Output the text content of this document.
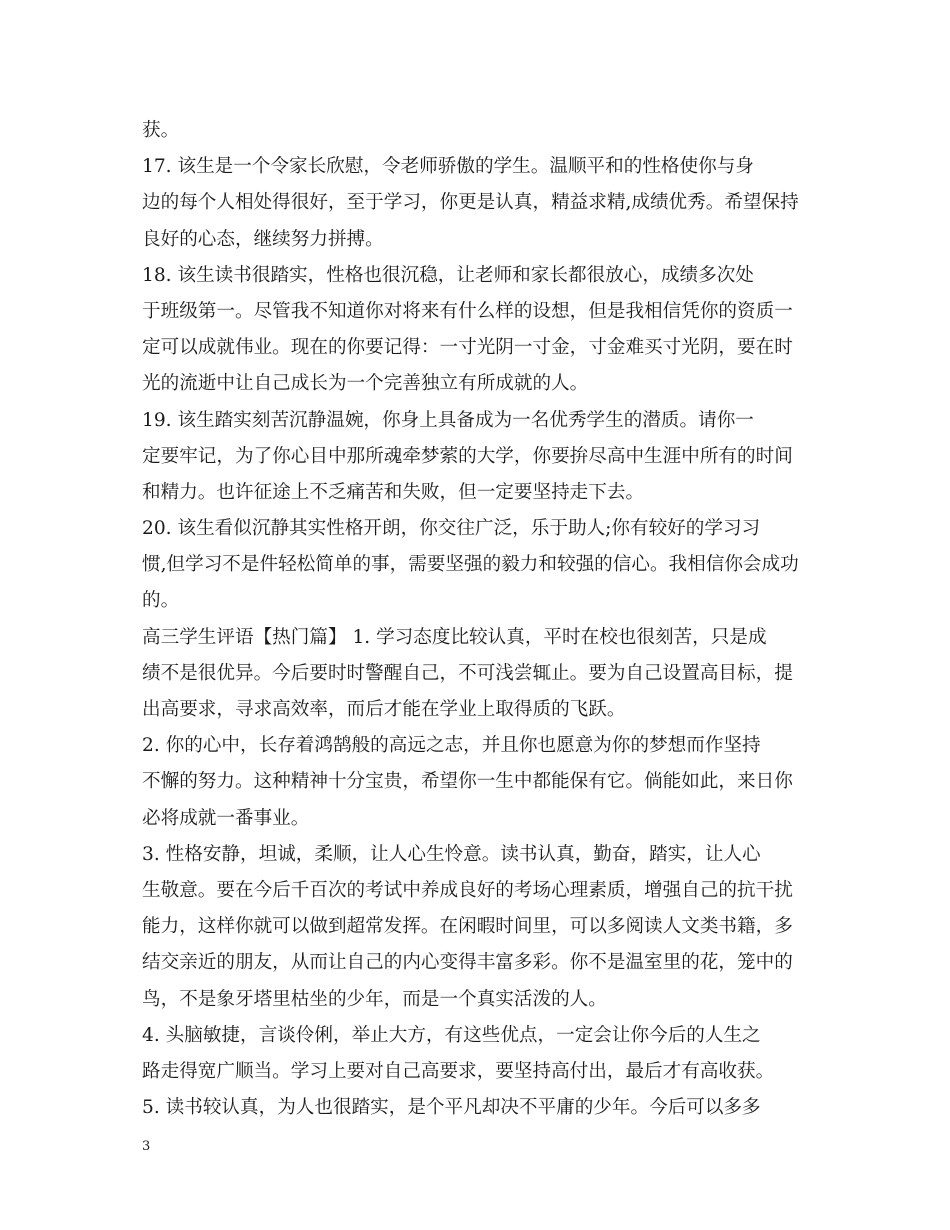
获。
17. 该生是一个令家长欣慰，令老师骄傲的学生。温顺平和的性格使你与身
边的每个人相处得很好，至于学习，你更是认真，精益求精,成绩优秀。希望保持
良好的心态，继续努力拼搏。
18. 该生读书很踏实，性格也很沉稳，让老师和家长都很放心，成绩多次处
于班级第一。尽管我不知道你对将来有什么样的设想，但是我相信凭你的资质一
定可以成就伟业。现在的你要记得：一寸光阴一寸金，寸金难买寸光阴，要在时
光的流逝中让自己成长为一个完善独立有所成就的人。
19. 该生踏实刻苦沉静温婉，你身上具备成为一名优秀学生的潜质。请你一
定要牢记，为了你心目中那所魂牵梦萦的大学，你要拚尽高中生涯中所有的时间
和精力。也许征途上不乏痛苦和失败，但一定要坚持走下去。
20. 该生看似沉静其实性格开朗，你交往广泛，乐于助人;你有较好的学习习
惯,但学习不是件轻松简单的事，需要坚强的毅力和较强的信心。我相信你会成功
的。
高三学生评语【热门篇】 1. 学习态度比较认真，平时在校也很刻苦，只是成
绩不是很优异。今后要时时警醒自己，不可浅尝辄止。要为自己设置高目标，提
出高要求，寻求高效率，而后才能在学业上取得质的飞跃。
2. 你的心中，长存着鸿鹄般的高远之志，并且你也愿意为你的梦想而作坚持
不懈的努力。这种精神十分宝贵，希望你一生中都能保有它。倘能如此，来日你
必将成就一番事业。
3. 性格安静，坦诚，柔顺，让人心生怜意。读书认真，勤奋，踏实，让人心
生敬意。要在今后千百次的考试中养成良好的考场心理素质，增强自己的抗干扰
能力，这样你就可以做到超常发挥。在闲暇时间里，可以多阅读人文类书籍，多
结交亲近的朋友，从而让自己的内心变得丰富多彩。你不是温室里的花，笼中的
鸟，不是象牙塔里枯坐的少年，而是一个真实活泼的人。
4. 头脑敏捷，言谈伶俐，举止大方，有这些优点，一定会让你今后的人生之
路走得宽广顺当。学习上要对自己高要求，要坚持高付出，最后才有高收获。
5. 读书较认真，为人也很踏实，是个平凡却决不平庸的少年。今后可以多多
3
